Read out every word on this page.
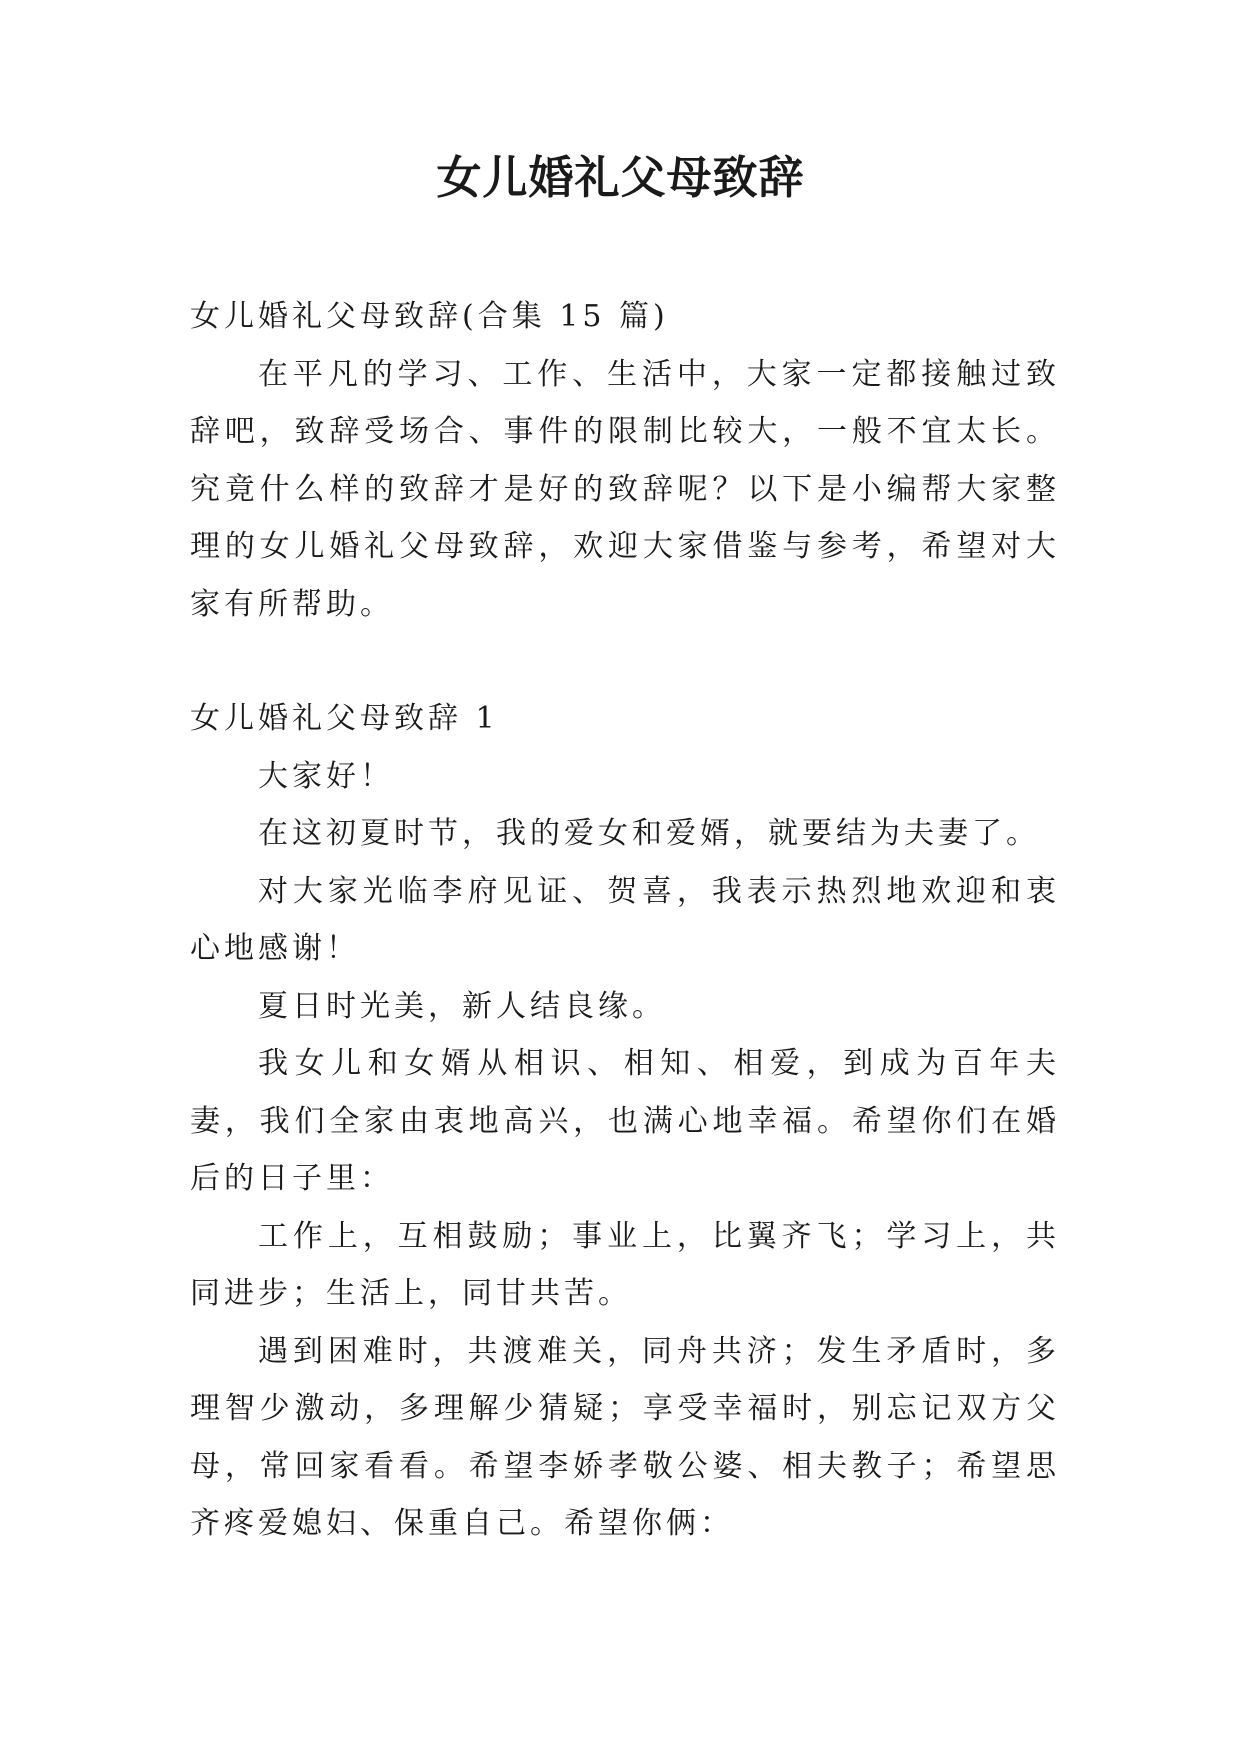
女儿婚礼父母致辞

女儿婚礼父母致辞(合集 15 篇)

在平凡的学习、工作、生活中，大家一定都接触过致辞吧，致辞受场合、事件的限制比较大，一般不宜太长。究竟什么样的致辞才是好的致辞呢？以下是小编帮大家整理的女儿婚礼父母致辞，欢迎大家借鉴与参考，希望对大家有所帮助。

女儿婚礼父母致辞 1

大家好！

在这初夏时节，我的爱女和爱婿，就要结为夫妻了。

对大家光临李府见证、贺喜，我表示热烈地欢迎和衷心地感谢！

夏日时光美，新人结良缘。

我女儿和女婿从相识、相知、相爱，到成为百年夫妻，我们全家由衷地高兴，也满心地幸福。希望你们在婚后的日子里：

工作上，互相鼓励；事业上，比翼齐飞；学习上，共同进步；生活上，同甘共苦。

遇到困难时，共渡难关，同舟共济；发生矛盾时，多理智少激动，多理解少猜疑；享受幸福时，别忘记双方父母，常回家看看。希望李娇孝敬公婆、相夫教子；希望思齐疼爱媳妇、保重自己。希望你俩：
